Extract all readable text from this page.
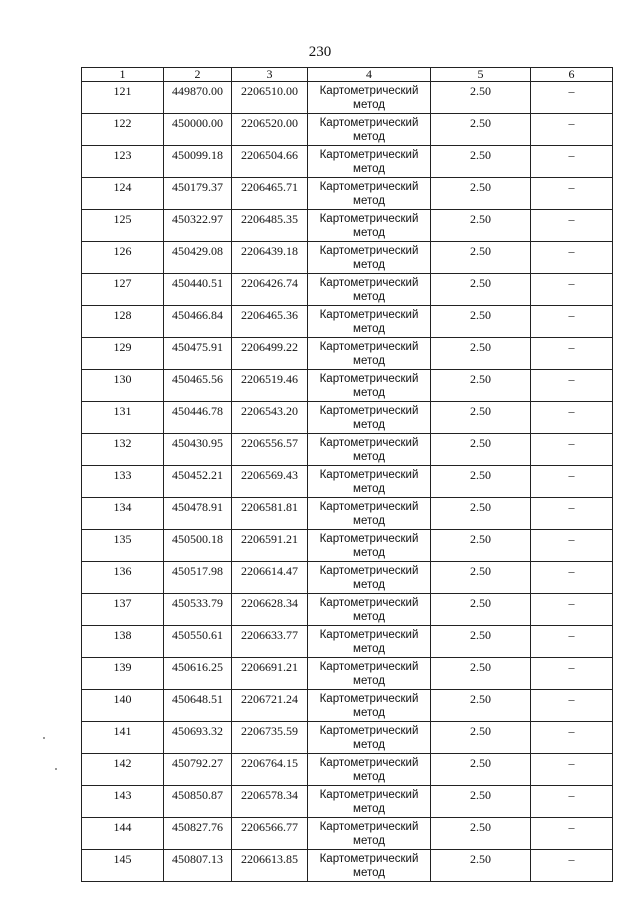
230
1	2	3	4	5	6
121	449870.00	2206510.00	Картометрический метод	2.50	–
122	450000.00	2206520.00	Картометрический метод	2.50	–
123	450099.18	2206504.66	Картометрический метод	2.50	–
124	450179.37	2206465.71	Картометрический метод	2.50	–
125	450322.97	2206485.35	Картометрический метод	2.50	–
126	450429.08	2206439.18	Картометрический метод	2.50	–
127	450440.51	2206426.74	Картометрический метод	2.50	–
128	450466.84	2206465.36	Картометрический метод	2.50	–
129	450475.91	2206499.22	Картометрический метод	2.50	–
130	450465.56	2206519.46	Картометрический метод	2.50	–
131	450446.78	2206543.20	Картометрический метод	2.50	–
132	450430.95	2206556.57	Картометрический метод	2.50	–
133	450452.21	2206569.43	Картометрический метод	2.50	–
134	450478.91	2206581.81	Картометрический метод	2.50	–
135	450500.18	2206591.21	Картометрический метод	2.50	–
136	450517.98	2206614.47	Картометрический метод	2.50	–
137	450533.79	2206628.34	Картометрический метод	2.50	–
138	450550.61	2206633.77	Картометрический метод	2.50	–
139	450616.25	2206691.21	Картометрический метод	2.50	–
140	450648.51	2206721.24	Картометрический метод	2.50	–
141	450693.32	2206735.59	Картометрический метод	2.50	–
142	450792.27	2206764.15	Картометрический метод	2.50	–
143	450850.87	2206578.34	Картометрический метод	2.50	–
144	450827.76	2206566.77	Картометрический метод	2.50	–
145	450807.13	2206613.85	Картометрический метод	2.50	–
